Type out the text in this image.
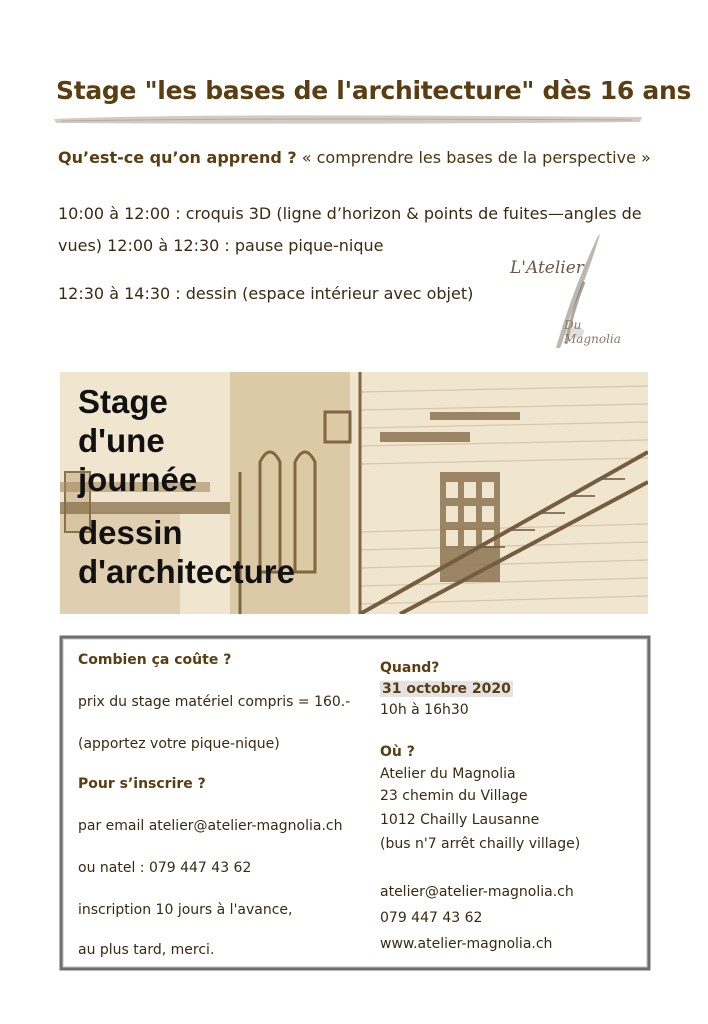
Stage "les bases de l'architecture" dès 16 ans
Qu’est-ce qu’on apprend ? « comprendre les bases de la perspective »

10:00 à 12:00 : croquis 3D (ligne d’horizon & points de fuites—angles de

vues) 12:00 à 12:30 : pause pique-nique

12:30 à 14:30 : dessin (espace intérieur avec objet)
L'Atelier
Du
Magnolia
Stage
d'une
journée
dessin
d'architecture
Combien ça coûte ?
prix du stage matériel compris = 160.-
(apportez votre pique-nique)
Pour s’inscrire ?
par email atelier@atelier-magnolia.ch
ou natel : 079 447 43 62
inscription 10 jours à l'avance,
au plus tard, merci.
Quand?
31 octobre 2020
10h à 16h30
Où ?
Atelier du Magnolia
23 chemin du Village
1012 Chailly Lausanne
(bus n'7 arrêt chailly village)
atelier@atelier-magnolia.ch
079 447 43 62
www.atelier-magnolia.ch
